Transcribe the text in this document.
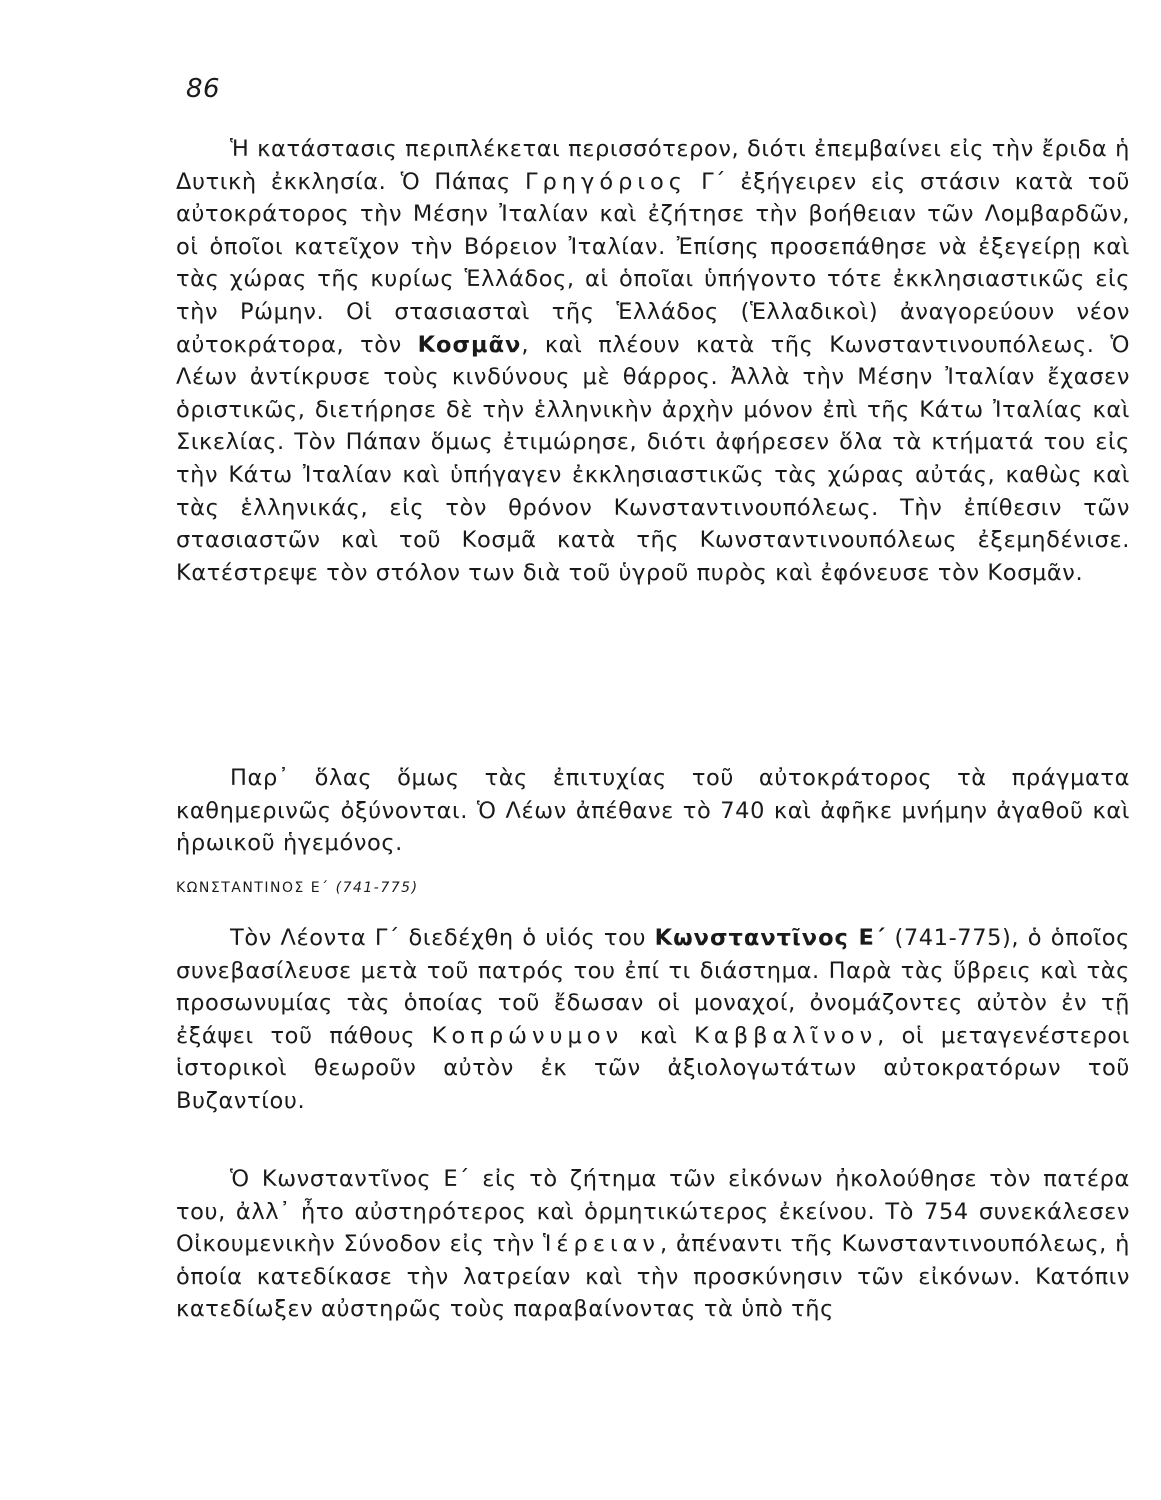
86

Ἡ κατάστασις περιπλέκεται περισσότερον, διότι ἐπεμβαίνει εἰς τὴν ἔριδα ἡ Δυτικὴ ἐκκλησία. Ὁ Πάπας Γρηγόριος Γ΄ ἐξήγειρεν εἰς στάσιν κατὰ τοῦ αὐτοκράτορος τὴν Μέσην Ἰταλίαν καὶ ἐζήτησε τὴν βοήθειαν τῶν Λομβαρδῶν, οἱ ὁποῖοι κατεῖχον τὴν Βόρειον Ἰταλίαν. Ἐπίσης προσεπάθησε νὰ ἐξεγείρῃ καὶ τὰς χώρας τῆς κυρίως Ἑλλάδος, αἱ ὁποῖαι ὑπήγοντο τότε ἐκκλησιαστικῶς εἰς τὴν Ρώμην. Οἱ στασιασταὶ τῆς Ἑλλάδος (Ἑλλαδικοὶ) ἀναγορεύουν νέον αὐτοκράτορα, τὸν Κοσμᾶν, καὶ πλέουν κατὰ τῆς Κωνσταντινουπόλεως. Ὁ Λέων ἀντίκρυσε τοὺς κινδύνους μὲ θάρρος. Ἀλλὰ τὴν Μέσην Ἰταλίαν ἔχασεν ὁριστικῶς, διετήρησε δὲ τὴν ἑλληνικὴν ἀρχὴν μόνον ἐπὶ τῆς Κάτω Ἰταλίας καὶ Σικελίας. Τὸν Πάπαν ὅμως ἐτιμώρησε, διότι ἀφήρεσεν ὅλα τὰ κτήματά του εἰς τὴν Κάτω Ἰταλίαν καὶ ὑπήγαγεν ἐκκλησιαστικῶς τὰς χώρας αὐτάς, καθὼς καὶ τὰς ἑλληνικάς, εἰς τὸν θρόνον Κωνσταντινουπόλεως. Τὴν ἐπίθεσιν τῶν στασιαστῶν καὶ τοῦ Κοσμᾶ κατὰ τῆς Κωνσταντινουπόλεως ἐξεμηδένισε. Κατέστρεψε τὸν στόλον των διὰ τοῦ ὑγροῦ πυρὸς καὶ ἐφόνευσε τὸν Κοσμᾶν.

Παρ᾽ ὅλας ὅμως τὰς ἐπιτυχίας τοῦ αὐτοκράτορος τὰ πράγματα καθημερινῶς ὀξύνονται. Ὁ Λέων ἀπέθανε τὸ 740 καὶ ἀφῆκε μνήμην ἀγαθοῦ καὶ ἡρωικοῦ ἡγεμόνος.

ΚΩΝΣΤΑΝΤΙΝΟΣ Ε΄ (741-775)

Τὸν Λέοντα Γ΄ διεδέχθη ὁ υἱός του Κωνσταντῖνος Ε΄ (741-775), ὁ ὁποῖος συνεβασίλευσε μετὰ τοῦ πατρός του ἐπί τι διάστημα. Παρὰ τὰς ὕβρεις καὶ τὰς προσωνυμίας τὰς ὁποίας τοῦ ἔδωσαν οἱ μοναχοί, ὀνομάζοντες αὐτὸν ἐν τῇ ἐξάψει τοῦ πάθους Κοπρώνυμον καὶ Καββαλῖνον, οἱ μεταγενέστεροι ἱστορικοὶ θεωροῦν αὐτὸν ἐκ τῶν ἀξιολογωτάτων αὐτοκρατόρων τοῦ Βυζαντίου.

Ὁ Κωνσταντῖνος Ε΄ εἰς τὸ ζήτημα τῶν εἰκόνων ἠκολούθησε τὸν πατέρα του, ἀλλ᾽ ἦτο αὐστηρότερος καὶ ὁρμητικώτερος ἐκείνου. Τὸ 754 συνεκάλεσεν Οἰκουμενικὴν Σύνοδον εἰς τὴν Ἱέρειαν, ἀπέναντι τῆς Κωνσταντινουπόλεως, ἡ ὁποία κατεδίκασε τὴν λατρείαν καὶ τὴν προσκύνησιν τῶν εἰκόνων. Κατόπιν κατεδίωξεν αὐστηρῶς τοὺς παραβαίνοντας τὰ ὑπὸ τῆς
